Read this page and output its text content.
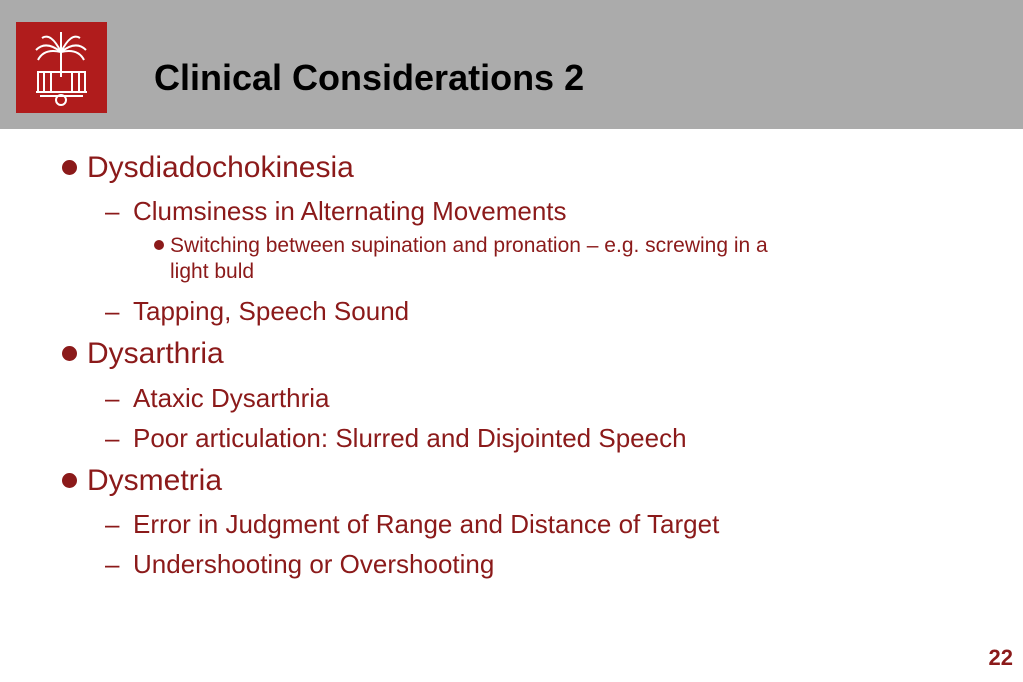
Clinical Considerations 2
Dysdiadochokinesia
– Clumsiness in Alternating Movements
Switching between supination and pronation – e.g. screwing in a
light buld
– Tapping, Speech Sound
Dysarthria
– Ataxic Dysarthria
– Poor articulation: Slurred and Disjointed Speech
Dysmetria
– Error in Judgment of Range and Distance of Target
– Undershooting or Overshooting
22
